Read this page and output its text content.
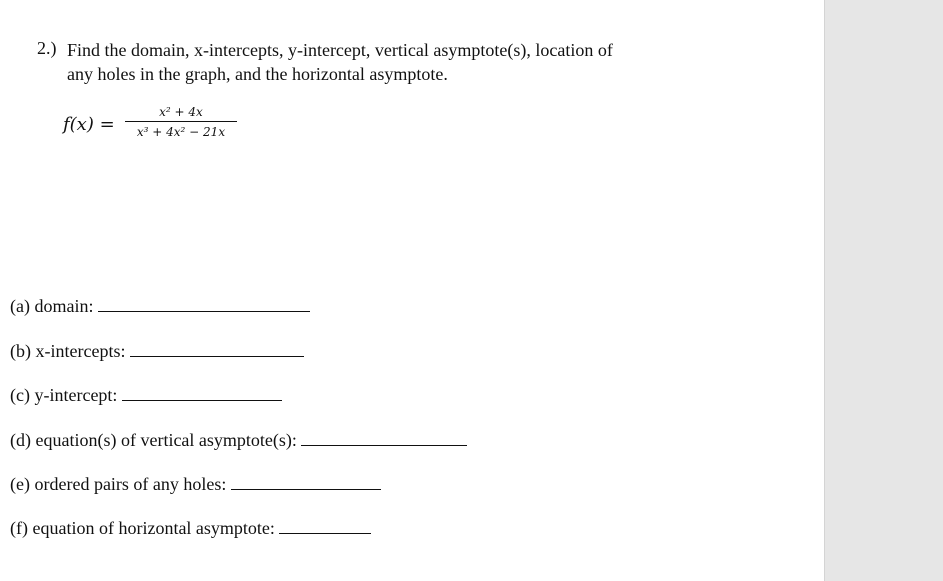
2.) Find the domain, x-intercepts, y-intercept, vertical asymptote(s), location of
any holes in the graph, and the horizontal asymptote.
f(x) =
x² + 4x
x³ + 4x² − 21x
(a) domain:
(b) x-intercepts:
(c) y-intercept:
(d) equation(s) of vertical asymptote(s):
(e) ordered pairs of any holes:
(f) equation of horizontal asymptote:
